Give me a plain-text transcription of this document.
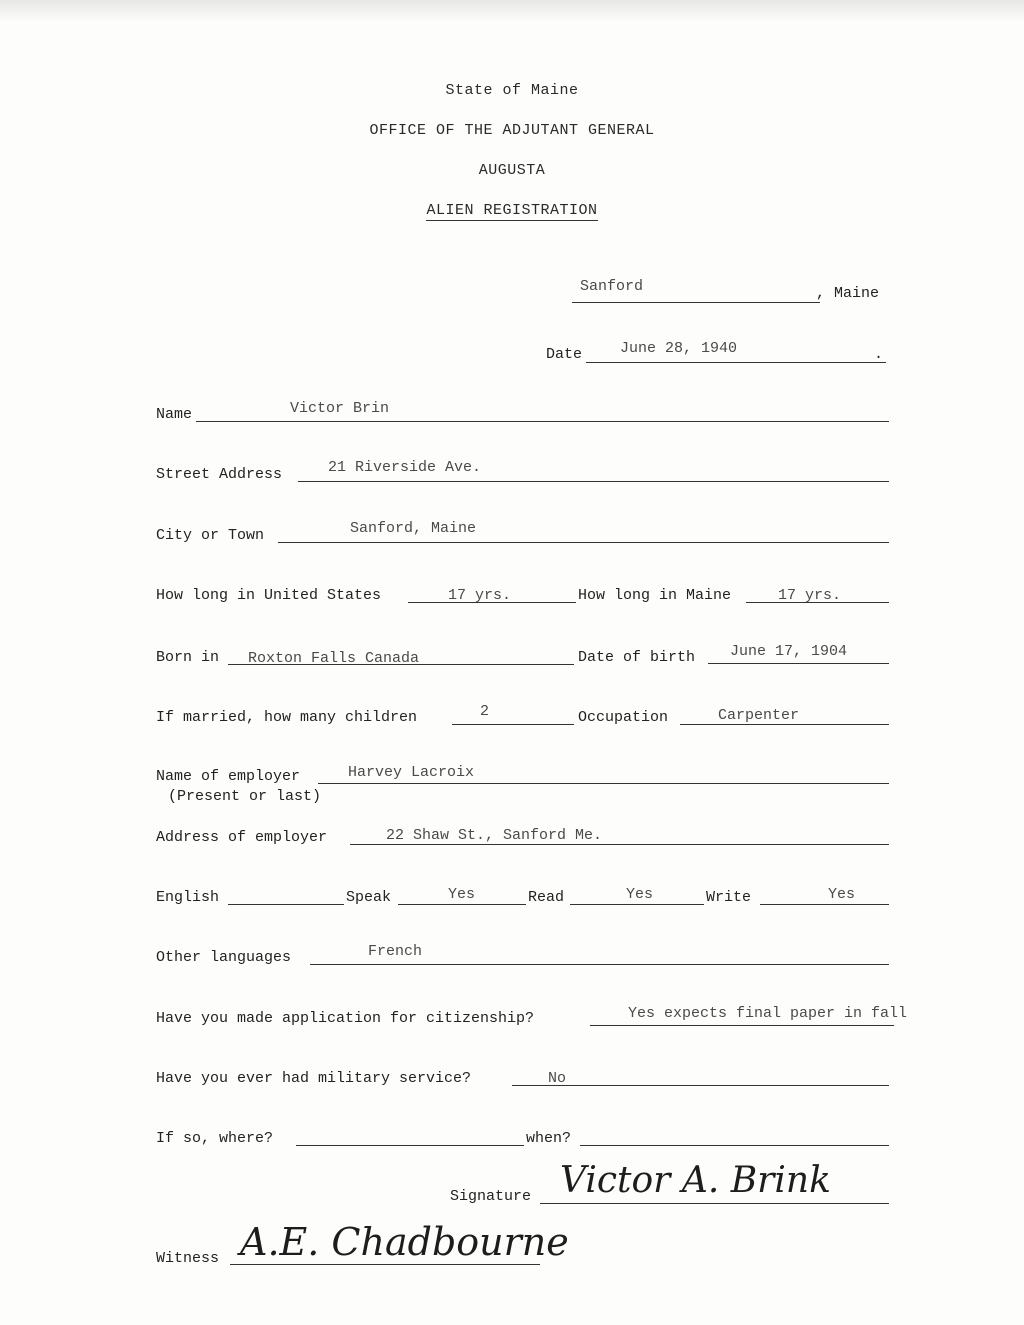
State of Maine
OFFICE OF THE ADJUTANT GENERAL
AUGUSTA
ALIEN REGISTRATION
Sanford	, Maine
Date	June 28, 1940	.
Name	Victor Brin
Street Address	21 Riverside Ave.
City or Town	Sanford, Maine
How long in United States	17 yrs.	How long in Maine	17 yrs.
Born in Roxton Falls Canada	Date of birth June 17, 1904
If married, how many children	2	Occupation	Carpenter
Name of employer	Harvey Lacroix
(Present or last)
Address of employer	22 Shaw St., Sanford Me.
English	Speak	Yes	Read	Yes	Write	Yes
Other languages	French
Have you made application for citizenship?	Yes expects final paper in fall
Have you ever had military service?	No
If so, where?	when?
Signature Victor A. Brink
Witness A.E. Chadbourne
